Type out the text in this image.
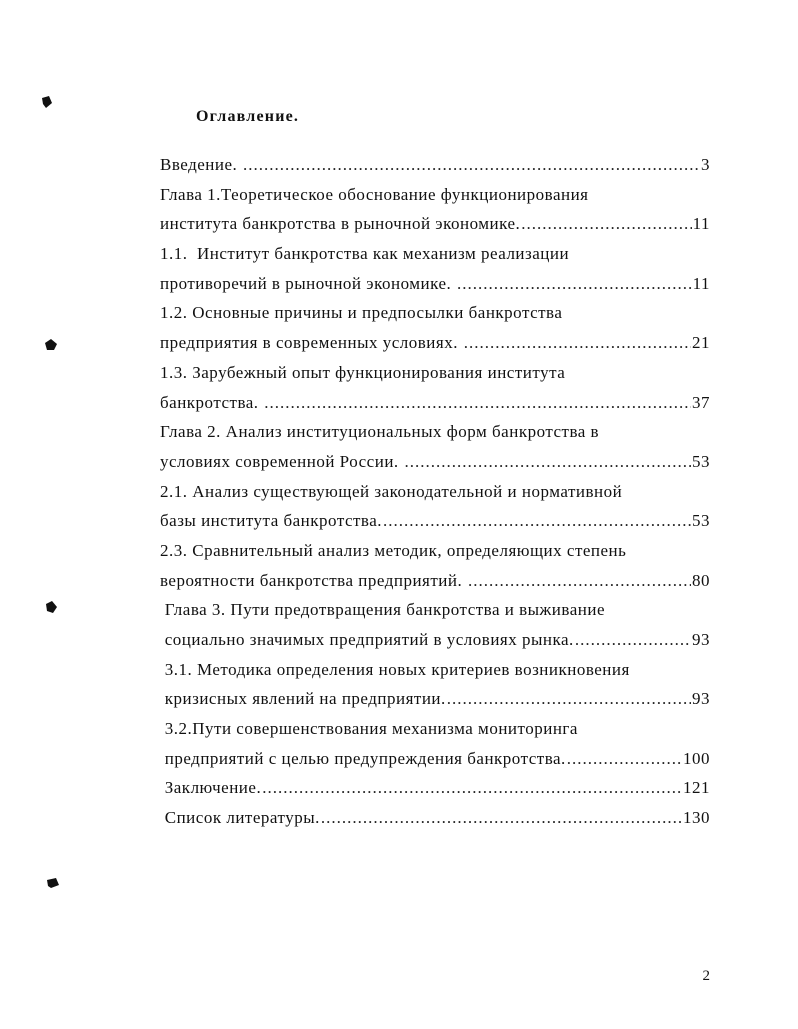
Оглавление.
Введение. .....	3
Глава 1.Теоретическое обоснование функционирования
института банкротства в рыночной экономике. .....	11
1.1.  Институт банкротства как механизм реализации
противоречий в рыночной экономике. .....	11
1.2. Основные причины и предпосылки банкротства
предприятия в современных условиях. .....	21
1.3. Зарубежный опыт функционирования института
банкротства. .....	37
Глава 2. Анализ институциональных форм банкротства в
условиях современной России. .....	53
2.1. Анализ существующей законодательной и нормативной
базы института банкротства. .....	53
2.3. Сравнительный анализ методик, определяющих степень
вероятности банкротства предприятий. .....	80
Глава 3. Пути предотвращения банкротства и выживание
социально значимых предприятий в условиях рынка. .....	93
3.1. Методика определения новых критериев возникновения
кризисных явлений на предприятии. .....	93
3.2.Пути совершенствования механизма мониторинга
предприятий с целью предупреждения банкротства. .....	100
Заключение. .....	121
Список литературы. .....	130
2
